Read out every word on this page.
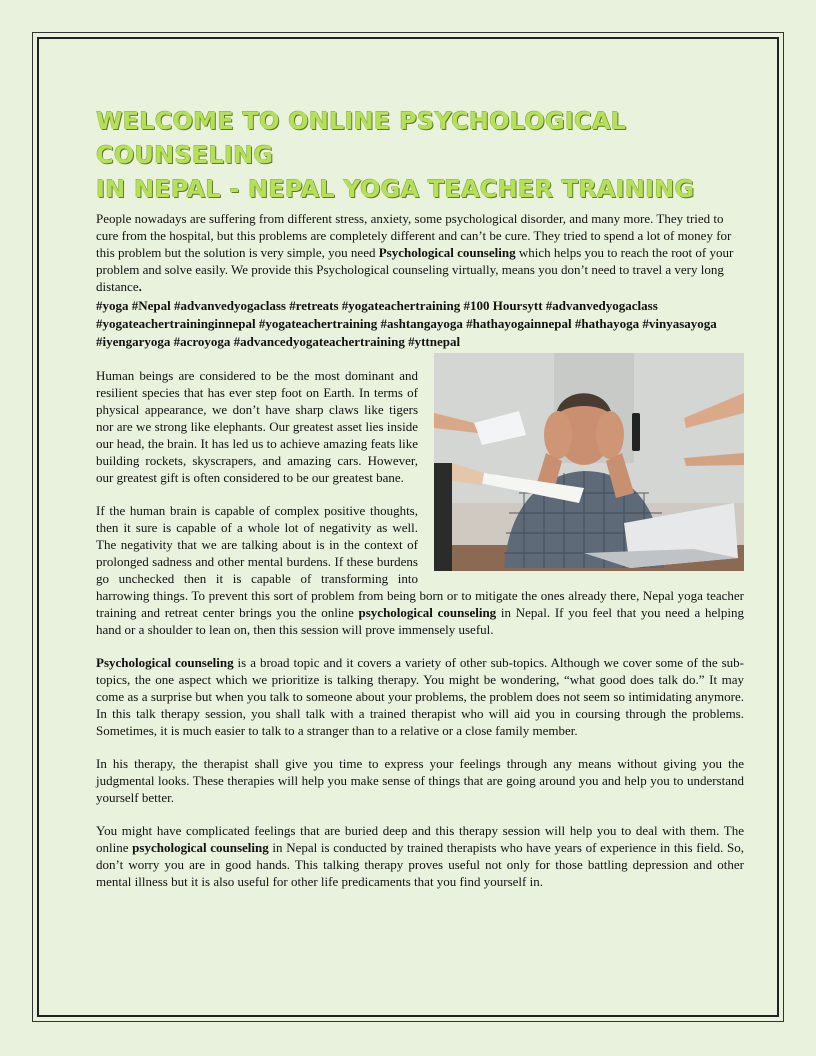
WELCOME TO ONLINE PSYCHOLOGICAL COUNSELING
IN NEPAL - NEPAL YOGA TEACHER TRAINING

People nowadays are suffering from different stress, anxiety, some psychological disorder, and many more. They tried to cure from the hospital, but this problems are completely different and can’t be cure. They tried to spend a lot of money for this problem but the solution is very simple, you need Psychological counseling which helps you to reach the root of your problem and solve easily. We provide this Psychological counseling virtually, means you don’t need to travel a very long distance.

#yoga #Nepal #advanvedyogaclass #retreats #yogateachertraining #100 Hoursytt #advanvedyogaclass #yogateachertraininginnepal #yogateachertraining #ashtangayoga #hathayogainnepal #hathayoga #vinyasayoga #iyengaryoga #acroyoga #advancedyogateachertraining #yttnepal

Human beings are considered to be the most dominant and resilient species that has ever step foot on Earth. In terms of physical appearance, we don’t have sharp claws like tigers nor are we strong like elephants. Our greatest asset lies inside our head, the brain. It has led us to achieve amazing feats like building rockets, skyscrapers, and amazing cars. However, our greatest gift is often considered to be our greatest bane.

If the human brain is capable of complex positive thoughts, then it sure is capable of a whole lot of negativity as well. The negativity that we are talking about is in the context of prolonged sadness and other mental burdens. If these burdens go unchecked then it is capable of transforming into harrowing things. To prevent this sort of problem from being born or to mitigate the ones already there, Nepal yoga teacher training and retreat center brings you the online psychological counseling in Nepal. If you feel that you need a helping hand or a shoulder to lean on, then this session will prove immensely useful.

Psychological counseling is a broad topic and it covers a variety of other sub-topics. Although we cover some of the sub-topics, the one aspect which we prioritize is talking therapy. You might be wondering, “what good does talk do.” It may come as a surprise but when you talk to someone about your problems, the problem does not seem so intimidating anymore. In this talk therapy session, you shall talk with a trained therapist who will aid you in coursing through the problems. Sometimes, it is much easier to talk to a stranger than to a relative or a close family member.

In his therapy, the therapist shall give you time to express your feelings through any means without giving you the judgmental looks. These therapies will help you make sense of things that are going around you and help you to understand yourself better.

You might have complicated feelings that are buried deep and this therapy session will help you to deal with them. The online psychological counseling in Nepal is conducted by trained therapists who have years of experience in this field. So, don’t worry you are in good hands. This talking therapy proves useful not only for those battling depression and other mental illness but it is also useful for other life predicaments that you find yourself in.
